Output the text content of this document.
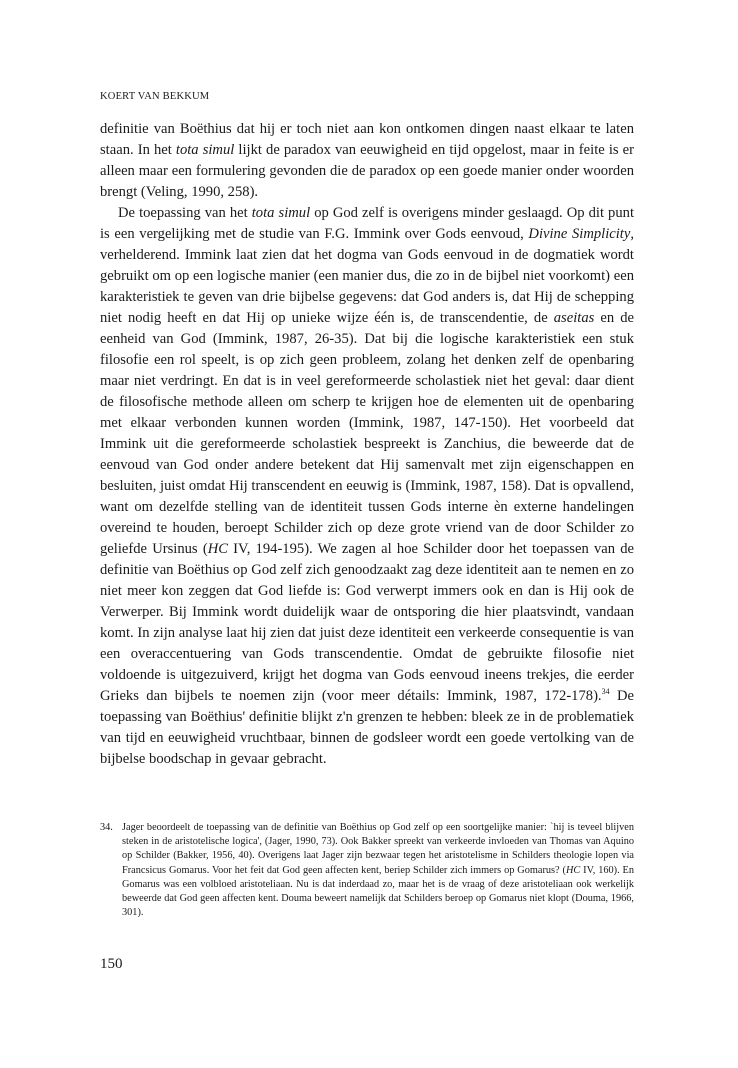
KOERT VAN BEKKUM

definitie van Boëthius dat hij er toch niet aan kon ontkomen dingen naast elkaar te laten staan. In het tota simul lijkt de paradox van eeuwigheid en tijd opgelost, maar in feite is er alleen maar een formulering gevonden die de paradox op een goede manier onder woorden brengt (Veling, 1990, 258).

De toepassing van het tota simul op God zelf is overigens minder geslaagd. Op dit punt is een vergelijking met de studie van F.G. Immink over Gods eenvoud, Divine Simplicity, verhelderend. Immink laat zien dat het dogma van Gods eenvoud in de dogmatiek wordt gebruikt om op een logische manier (een manier dus, die zo in de bijbel niet voorkomt) een karakteristiek te geven van drie bijbelse gegevens: dat God anders is, dat Hij de schepping niet nodig heeft en dat Hij op unieke wijze één is, de transcendentie, de aseitas en de eenheid van God (Immink, 1987, 26-35). Dat bij die logische karakteristiek een stuk filosofie een rol speelt, is op zich geen probleem, zolang het denken zelf de openbaring maar niet verdringt. En dat is in veel gereformeerde scholastiek niet het geval: daar dient de filosofische methode alleen om scherp te krijgen hoe de elementen uit de openbaring met elkaar verbonden kunnen worden (Immink, 1987, 147-150). Het voorbeeld dat Immink uit die gereformeerde scholastiek bespreekt is Zanchius, die beweerde dat de eenvoud van God onder andere betekent dat Hij samenvalt met zijn eigenschappen en besluiten, juist omdat Hij transcendent en eeuwig is (Immink, 1987, 158). Dat is opvallend, want om dezelfde stelling van de identiteit tussen Gods interne èn externe handelingen overeind te houden, beroept Schilder zich op deze grote vriend van de door Schilder zo geliefde Ursinus (HC IV, 194-195). We zagen al hoe Schilder door het toepassen van de definitie van Boëthius op God zelf zich genoodzaakt zag deze identiteit aan te nemen en zo niet meer kon zeggen dat God liefde is: God verwerpt immers ook en dan is Hij ook de Verwerper. Bij Immink wordt duidelijk waar de ontsporing die hier plaatsvindt, vandaan komt. In zijn analyse laat hij zien dat juist deze identiteit een verkeerde consequentie is van een overaccentuering van Gods transcendentie. Omdat de gebruikte filosofie niet voldoende is uitgezuiverd, krijgt het dogma van Gods eenvoud ineens trekjes, die eerder Grieks dan bijbels te noemen zijn (voor meer détails: Immink, 1987, 172-178).$^{34}$ De toepassing van Boëthius' definitie blijkt z'n grenzen te hebben: bleek ze in de problematiek van tijd en eeuwigheid vruchtbaar, binnen de godsleer wordt een goede vertolking van de bijbelse boodschap in gevaar gebracht.

34. Jager beoordeelt de toepassing van de definitie van Boëthius op God zelf op een soortgelijke manier: `hij is teveel blijven steken in de aristotelische logica', (Jager, 1990, 73). Ook Bakker spreekt van verkeerde invloeden van Thomas van Aquino op Schilder (Bakker, 1956, 40). Overigens laat Jager zijn bezwaar tegen het aristotelisme in Schilders theologie lopen via Francsicus Gomarus. Voor het feit dat God geen affecten kent, beriep Schilder zich immers op Gomarus? (HC IV, 160). En Gomarus was een volbloed aristoteliaan. Nu is dat inderdaad zo, maar het is de vraag of deze aristoteliaan ook werkelijk beweerde dat God geen affecten kent. Douma beweert namelijk dat Schilders beroep op Gomarus niet klopt (Douma, 1966, 301).
150
